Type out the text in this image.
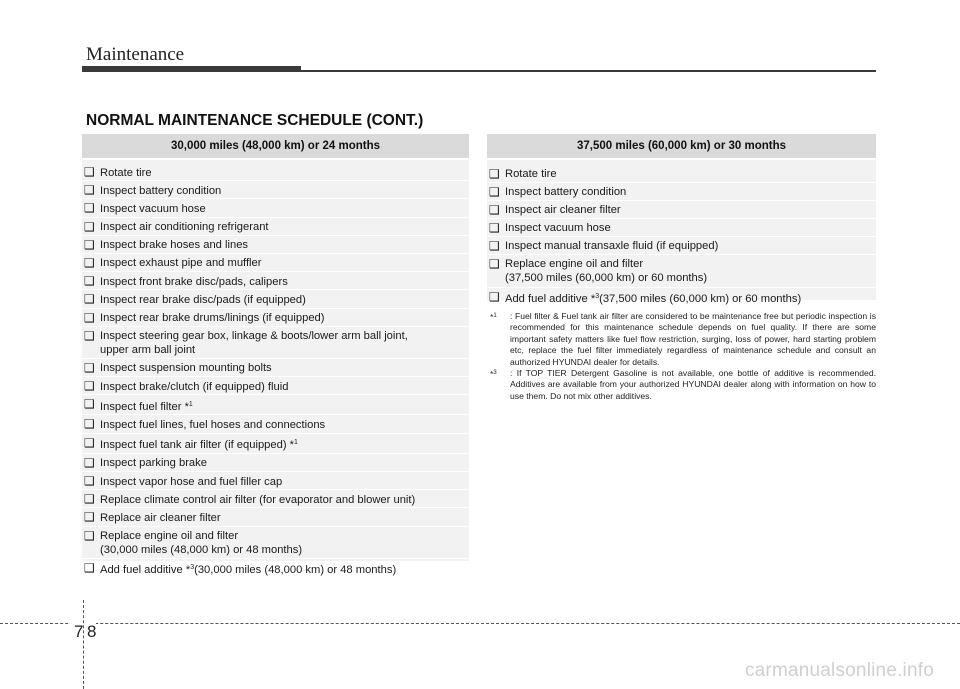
Maintenance
NORMAL MAINTENANCE SCHEDULE (CONT.)
30,000 miles (48,000 km) or 24 months
❑ Rotate tire
❑ Inspect battery condition
❑ Inspect vacuum hose
❑ Inspect air conditioning refrigerant
❑ Inspect brake hoses and lines
❑ Inspect exhaust pipe and muffler
❑ Inspect front brake disc/pads, calipers
❑ Inspect rear brake disc/pads (if equipped)
❑ Inspect rear brake drums/linings (if equipped)
❑ Inspect steering gear box, linkage & boots/lower arm ball joint,
upper arm ball joint
❑ Inspect suspension mounting bolts
❑ Inspect brake/clutch (if equipped) fluid
❑ Inspect fuel filter *$^1$
❑ Inspect fuel lines, fuel hoses and connections
❑ Inspect fuel tank air filter (if equipped) *$^1$
❑ Inspect parking brake
❑ Inspect vapor hose and fuel filler cap
❑ Replace climate control air filter (for evaporator and blower unit)
❑ Replace air cleaner filter
❑ Replace engine oil and filter
(30,000 miles (48,000 km) or 48 months)
❑ Add fuel additive *$^3$(30,000 miles (48,000 km) or 48 months)
37,500 miles (60,000 km) or 30 months
❑ Rotate tire
❑ Inspect battery condition
❑ Inspect air cleaner filter
❑ Inspect vacuum hose
❑ Inspect manual transaxle fluid (if equipped)
❑ Replace engine oil and filter
(37,500 miles (60,000 km) or 60 months)
❑ Add fuel additive *$^3$(37,500 miles (60,000 km) or 60 months)
*$^1$ : Fuel filter & Fuel tank air filter are considered to be maintenance free but periodic inspection is recommended for this maintenance schedule depends on fuel quality. If there are some important safety matters like fuel flow restriction, surging, loss of power, hard starting problem etc, replace the fuel filter immediately regardless of maintenance schedule and consult an authorized HYUNDAI dealer for details.
*$^3$ : If TOP TIER Detergent Gasoline is not available, one bottle of additive is recommended. Additives are available from your authorized HYUNDAI dealer along with information on how to use them. Do not mix other additives.
7 8
carmanualsonline.info
